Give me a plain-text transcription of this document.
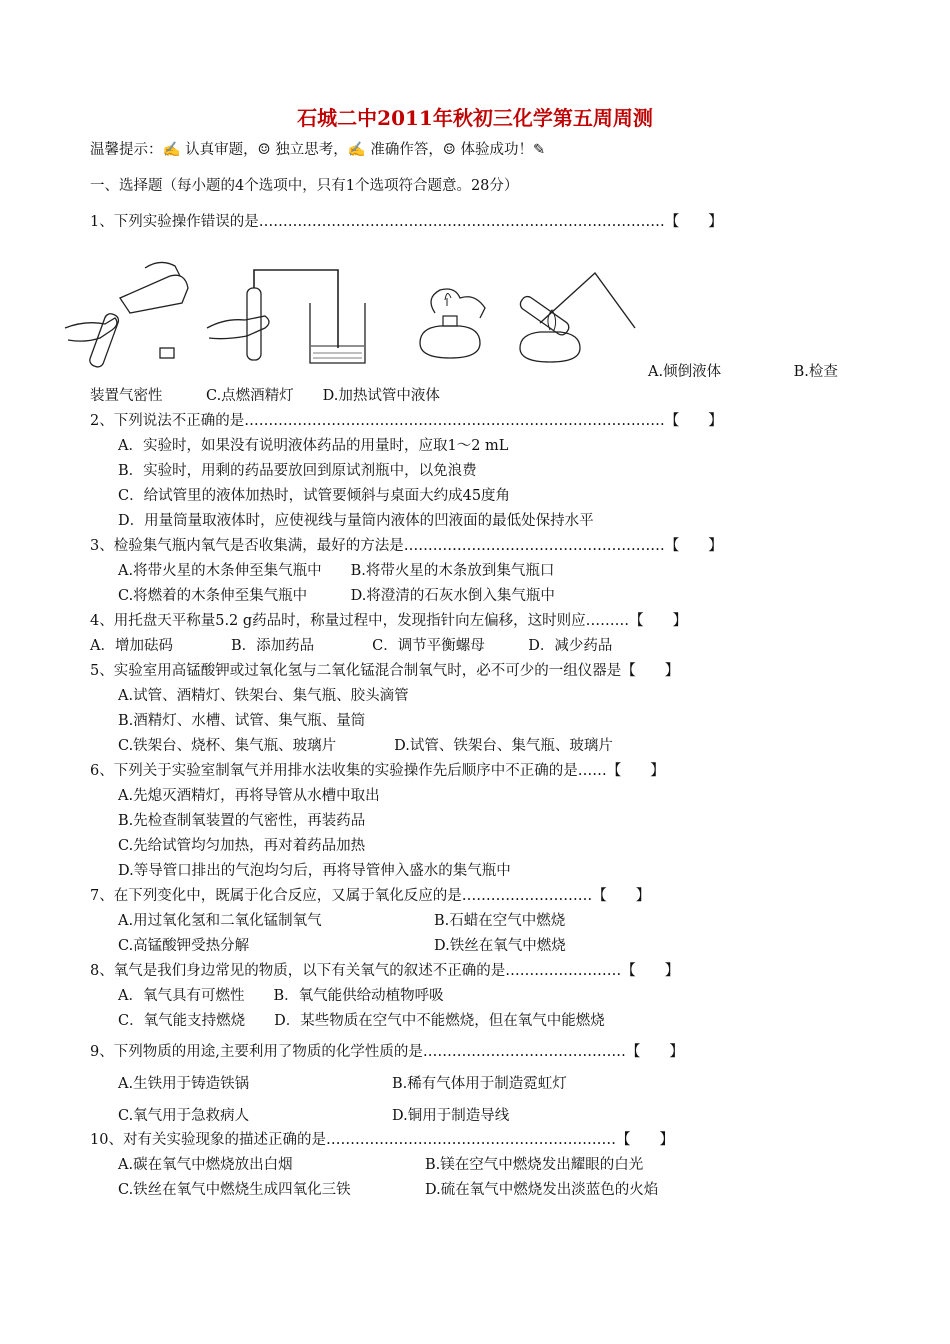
石城二中2011年秋初三化学第五周周测
温馨提示：✍ 认真审题，☺ 独立思考，✍ 准确作答，☺ 体验成功！✎
一、选择题（每小题的4个选项中，只有1个选项符合题意。28分）
1、下列实验操作错误的是…………………………………………………………………………【　　】
A.倾倒液体　　　　　B.检查
装置气密性　　　C.点燃酒精灯　　D.加热试管中液体
2、下列说法不正确的是……………………………………………………………………………【　　】
A．实验时，如果没有说明液体药品的用量时，应取1～2 mL
B．实验时，用剩的药品要放回到原试剂瓶中，以免浪费
C．给试管里的液体加热时，试管要倾斜与桌面大约成45度角
D．用量筒量取液体时，应使视线与量筒内液体的凹液面的最低处保持水平
3、检验集气瓶内氧气是否收集满，最好的方法是………………………………………………【　　】
A.将带火星的木条伸至集气瓶中　　B.将带火星的木条放到集气瓶口
C.将燃着的木条伸至集气瓶中　　　D.将澄清的石灰水倒入集气瓶中
4、用托盘天平称量5.2 g药品时，称量过程中，发现指针向左偏移，这时则应………【　　】
A．增加砝码　　　　B．添加药品　　　　C．调节平衡螺母　　　D．减少药品
5、实验室用高锰酸钾或过氧化氢与二氧化锰混合制氧气时，必不可少的一组仪器是【　　】
A.试管、酒精灯、铁架台、集气瓶、胶头滴管
B.酒精灯、水槽、试管、集气瓶、量筒
C.铁架台、烧杯、集气瓶、玻璃片　　　　D.试管、铁架台、集气瓶、玻璃片
6、下列关于实验室制氧气并用排水法收集的实验操作先后顺序中不正确的是……【　　】
A.先熄灭酒精灯，再将导管从水槽中取出
B.先检查制氧装置的气密性，再装药品
C.先给试管均匀加热，再对着药品加热
D.等导管口排出的气泡均匀后，再将导管伸入盛水的集气瓶中
7、在下列变化中，既属于化合反应，又属于氧化反应的是………………………【　　】
A.用过氧化氢和二氧化锰制氧气	B.石蜡在空气中燃烧
C.高锰酸钾受热分解	D.铁丝在氧气中燃烧
8、氧气是我们身边常见的物质，以下有关氧气的叙述不正确的是……………………【　　】
A．氧气具有可燃性　　B．氧气能供给动植物呼吸
C．氧气能支持燃烧　　D．某些物质在空气中不能燃烧，但在氧气中能燃烧
9、下列物质的用途,主要利用了物质的化学性质的是……………………………………【　　】
A.生铁用于铸造铁锅	B.稀有气体用于制造霓虹灯
C.氧气用于急救病人	D.铜用于制造导线
10、对有关实验现象的描述正确的是……………………………………………………【　　】
A.碳在氧气中燃烧放出白烟	B.镁在空气中燃烧发出耀眼的白光
C.铁丝在氧气中燃烧生成四氧化三铁	D.硫在氧气中燃烧发出淡蓝色的火焰
